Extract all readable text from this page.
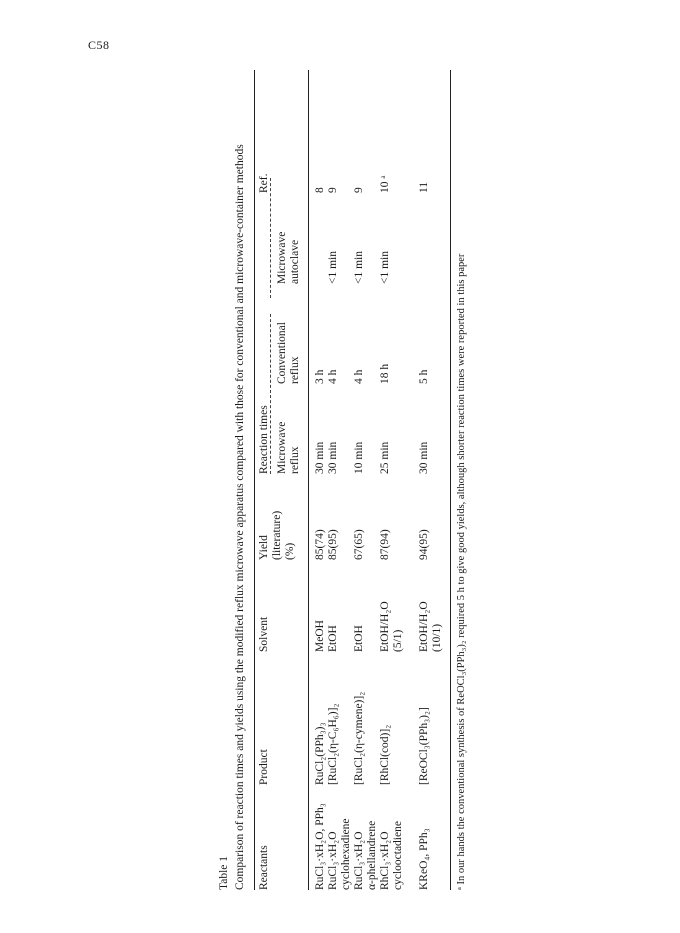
C58
Table 1 Comparison of reaction times and yields using the modified reflux microwave apparatus compared with those for conventional and microwave-container methods Reactants
Product
Solvent
Yield (literature) (%)
Reaction times Microwave reflux
Conventional reflux
Microwave autoclave
Ref.
RuCl₃·xH₂O, PPh₃
RuCl₂(PPh₃)₃
MeOH
85(74)
30 min
3 h
8
RuCl₃·xH₂O cyclohexadiene
[RuCl₂(η-C₆H₆)]₂
EtOH
85(95)
30 min
4 h
<1 min
9
RuCl₃·xH₂O α-phellandrene
[RuCl₂(η-cymene)]₂
EtOH
67(65)
10 min
4 h
<1 min
9
RhCl₃·xH₂O cyclooctadiene
[RhCl(cod)]₂
EtOH/H₂O (5/1)
87(94)
25 min
18 h
<1 min
10 ᵃ
KReO₄, PPh₃
[ReOCl₃(PPh₃)₂]
EtOH/H₂O (10/1)
94(95)
30 min
5 h
11
ᵃ In our hands the conventional synthesis of ReOCl₃(PPh₃)₂ required 5 h to give good yields, although shorter reaction times were reported in this paper
